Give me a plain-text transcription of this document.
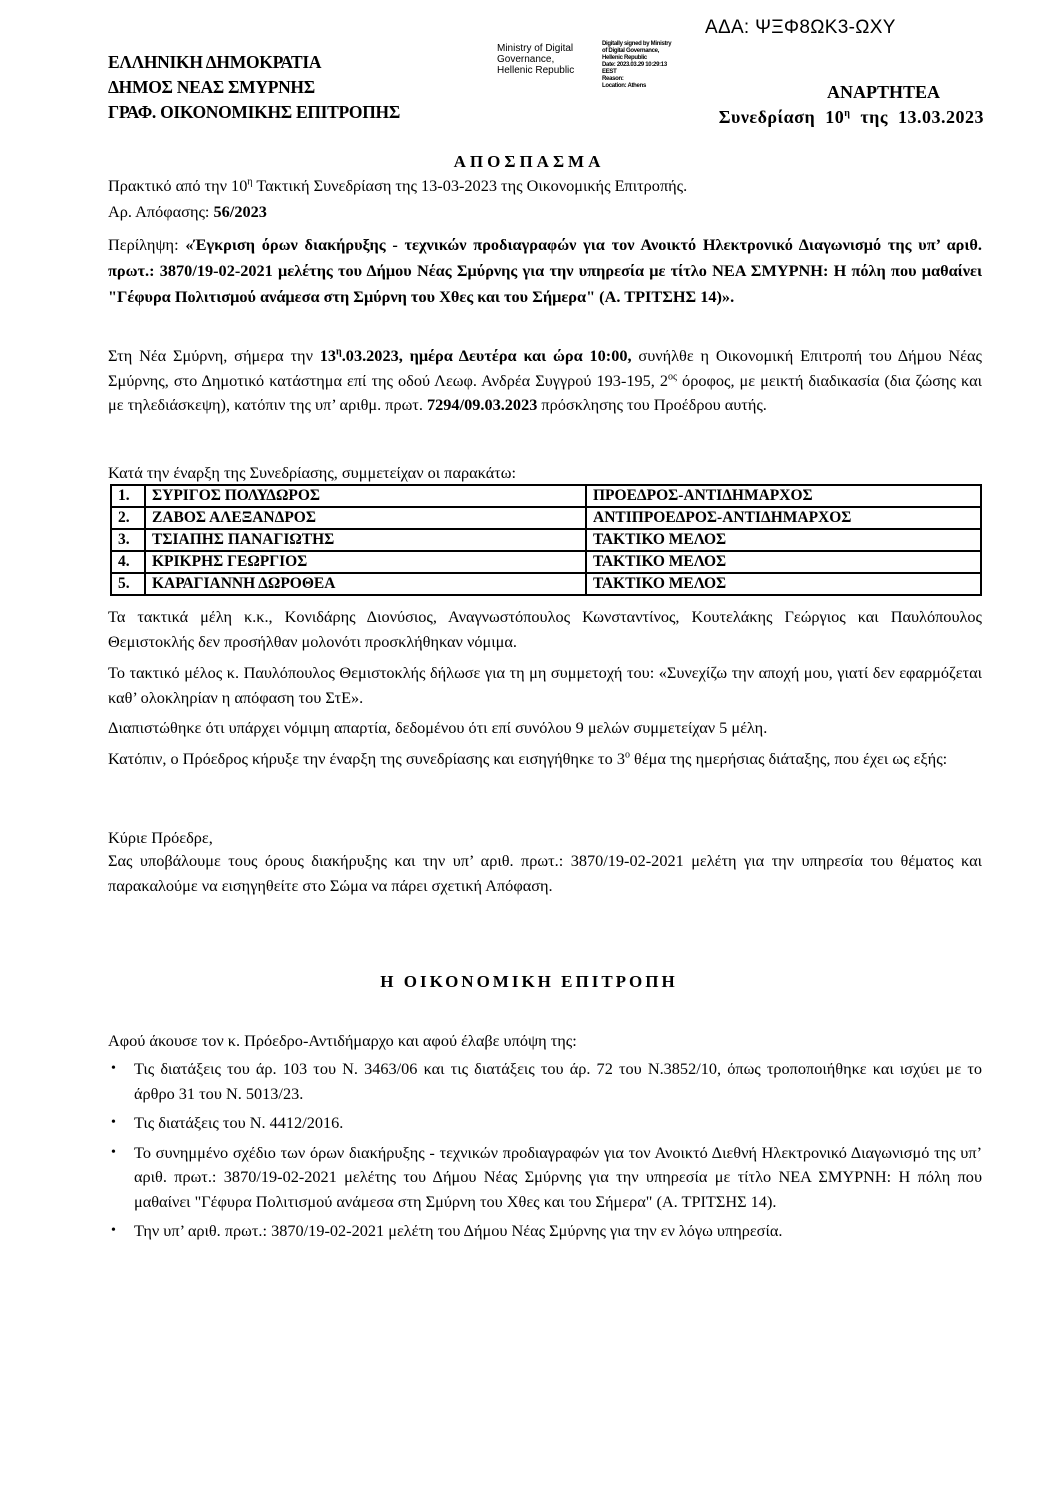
ΑΔΑ: ΨΞΦ8ΩΚ3-ΩΧΥ
ΕΛΛΗΝΙΚΗ ΔΗΜΟΚΡΑΤΙΑ
ΔΗΜΟΣ ΝΕΑΣ ΣΜΥΡΝΗΣ
ΓΡΑΦ. ΟΙΚΟΝΟΜΙΚΗΣ ΕΠΙΤΡΟΠΗΣ
Ministry of Digital
Governance,
Hellenic Republic
Digitally signed by Ministry
of Digital Governance,
Hellenic Republic
Date: 2023.03.29 10:29:13
EEST
Reason:
Location: Athens	ΑΝΑΡΤΗΤΕΑ
Συνεδρίαση $10^\eta$ της 13.03.2023
ΑΠΟΣΠΑΣΜΑ
Πρακτικό από την $10^\eta$ Τακτική Συνεδρίαση της 13-03-2023 της Οικονομικής Επιτροπής.
Αρ. Απόφασης: 56/2023
Περίληψη: «Έγκριση όρων διακήρυξης - τεχνικών προδιαγραφών για τον Ανοικτό Ηλεκτρονικό Διαγωνισμό της υπ’ αριθ. πρωτ.: 3870/19-02-2021 μελέτης του Δήμου Νέας Σμύρνης για την υπηρεσία με τίτλο ΝΕΑ ΣΜΥΡΝΗ: Η πόλη που μαθαίνει "Γέφυρα Πολιτισμού ανάμεσα στη Σμύρνη του Χθες και του Σήμερα" (Α. ΤΡΙΤΣΗΣ 14)».
Στη Νέα Σμύρνη, σήμερα την $13^\eta.03.2023$, ημέρα Δευτέρα και ώρα 10:00, συνήλθε η Οικονομική Επιτροπή του Δήμου Νέας Σμύρνης, στο Δημοτικό κατάστημα επί της οδού Λεωφ. Ανδρέα Συγγρού 193-195, $2^{o\varsigma}$ όροφος, με μεικτή διαδικασία (δια ζώσης και με τηλεδιάσκεψη), κατόπιν της υπ’ αριθμ. πρωτ. 7294/09.03.2023 πρόσκλησης του Προέδρου αυτής.
Κατά την έναρξη της Συνεδρίασης, συμμετείχαν οι παρακάτω:
1.	ΣΥΡΙΓΟΣ ΠΟΛΥΔΩΡΟΣ	ΠΡΟΕΔΡΟΣ-ΑΝΤΙΔΗΜΑΡΧΟΣ
2.	ΖΑΒΟΣ ΑΛΕΞΑΝΔΡΟΣ	ΑΝΤΙΠΡΟΕΔΡΟΣ-ΑΝΤΙΔΗΜΑΡΧΟΣ
3.	ΤΣΙΑΠΗΣ ΠΑΝΑΓΙΩΤΗΣ	ΤΑΚΤΙΚΟ ΜΕΛΟΣ
4.	ΚΡΙΚΡΗΣ ΓΕΩΡΓΙΟΣ	ΤΑΚΤΙΚΟ ΜΕΛΟΣ
5.	ΚΑΡΑΓΙΑΝΝΗ ΔΩΡΟΘΕΑ	ΤΑΚΤΙΚΟ ΜΕΛΟΣ
Τα τακτικά μέλη κ.κ., Κονιδάρης Διονύσιος, Αναγνωστόπουλος Κωνσταντίνος, Κουτελάκης Γεώργιος και Παυλόπουλος Θεμιστοκλής δεν προσήλθαν μολονότι προσκλήθηκαν νόμιμα.
Το τακτικό μέλος κ. Παυλόπουλος Θεμιστοκλής δήλωσε για τη μη συμμετοχή του: «Συνεχίζω την αποχή μου, γιατί δεν εφαρμόζεται καθ’ ολοκληρίαν η απόφαση του ΣτΕ».
Διαπιστώθηκε ότι υπάρχει νόμιμη απαρτία, δεδομένου ότι επί συνόλου 9 μελών συμμετείχαν 5 μέλη.
Κατόπιν, ο Πρόεδρος κήρυξε την έναρξη της συνεδρίασης και εισηγήθηκε το $3^o$ θέμα της ημερήσιας διάταξης, που έχει ως εξής:
Κύριε Πρόεδρε,
Σας υποβάλουμε τους όρους διακήρυξης και την υπ’ αριθ. πρωτ.: 3870/19-02-2021 μελέτη για την υπηρεσία του θέματος και παρακαλούμε να εισηγηθείτε στο Σώμα να πάρει σχετική Απόφαση.
Η ΟΙΚΟΝΟΜΙΚΗ ΕΠΙΤΡΟΠΗ
Αφού άκουσε τον κ. Πρόεδρο-Αντιδήμαρχο και αφού έλαβε υπόψη της:
• Τις διατάξεις του άρ. 103 του Ν. 3463/06 και τις διατάξεις του άρ. 72 του Ν.3852/10, όπως τροποποιήθηκε και ισχύει με το άρθρο 31 του Ν. 5013/23.
• Τις διατάξεις του Ν. 4412/2016.
• Το συνημμένο σχέδιο των όρων διακήρυξης - τεχνικών προδιαγραφών για τον Ανοικτό Διεθνή Ηλεκτρονικό Διαγωνισμό της υπ’ αριθ. πρωτ.: 3870/19-02-2021 μελέτης του Δήμου Νέας Σμύρνης για την υπηρεσία με τίτλο ΝΕΑ ΣΜΥΡΝΗ: Η πόλη που μαθαίνει "Γέφυρα Πολιτισμού ανάμεσα στη Σμύρνη του Χθες και του Σήμερα" (Α. ΤΡΙΤΣΗΣ 14).
• Την υπ’ αριθ. πρωτ.: 3870/19-02-2021 μελέτη του Δήμου Νέας Σμύρνης για την εν λόγω υπηρεσία.
